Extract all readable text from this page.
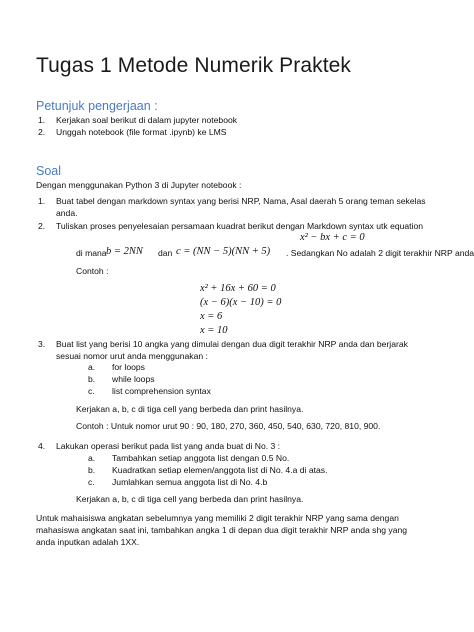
Tugas 1 Metode Numerik Praktek
Petunjuk pengerjaan :
1. Kerjakan soal berikut di dalam jupyter notebook
2. Unggah notebook (file format .ipynb) ke LMS
Soal
Dengan menggunakan Python 3 di Jupyter notebook :
1. Buat tabel dengan markdown syntax yang berisi NRP, Nama, Asal daerah 5 orang teman sekelas
anda.
2. Tuliskan proses penyelesaian persamaan kuadrat berikut dengan Markdown syntax utk equation
x² − bx + c = 0
di mana b = 2NN dan c = (NN − 5)(NN + 5) . Sedangkan No adalah 2 digit terakhir NRP anda
Contoh :
x² + 16x + 60 = 0
(x − 6)(x − 10) = 0
x = 6
x = 10
3. Buat list yang berisi 10 angka yang dimulai dengan dua digit terakhir NRP anda dan berjarak
sesuai nomor urut anda menggunakan :
a. for loops
b. while loops
c. list comprehension syntax
Kerjakan a, b, c di tiga cell yang berbeda dan print hasilnya.
Contoh : Untuk nomor urut 90 : 90, 180, 270, 360, 450, 540, 630, 720, 810, 900.
4. Lakukan operasi berikut pada list yang anda buat di No. 3 :
a. Tambahkan setiap anggota list dengan 0.5 No.
b. Kuadratkan setiap elemen/anggota list di No. 4.a di atas.
c. Jumlahkan semua anggota list di No. 4.b
Kerjakan a, b, c di tiga cell yang berbeda dan print hasilnya.
Untuk mahaisiswa angkatan sebelumnya yang memiliki 2 digit terakhir NRP yang sama dengan
mahasiswa angkatan saat ini, tambahkan angka 1 di depan dua digit terakhir NRP anda shg yang
anda inputkan adalah 1XX.
